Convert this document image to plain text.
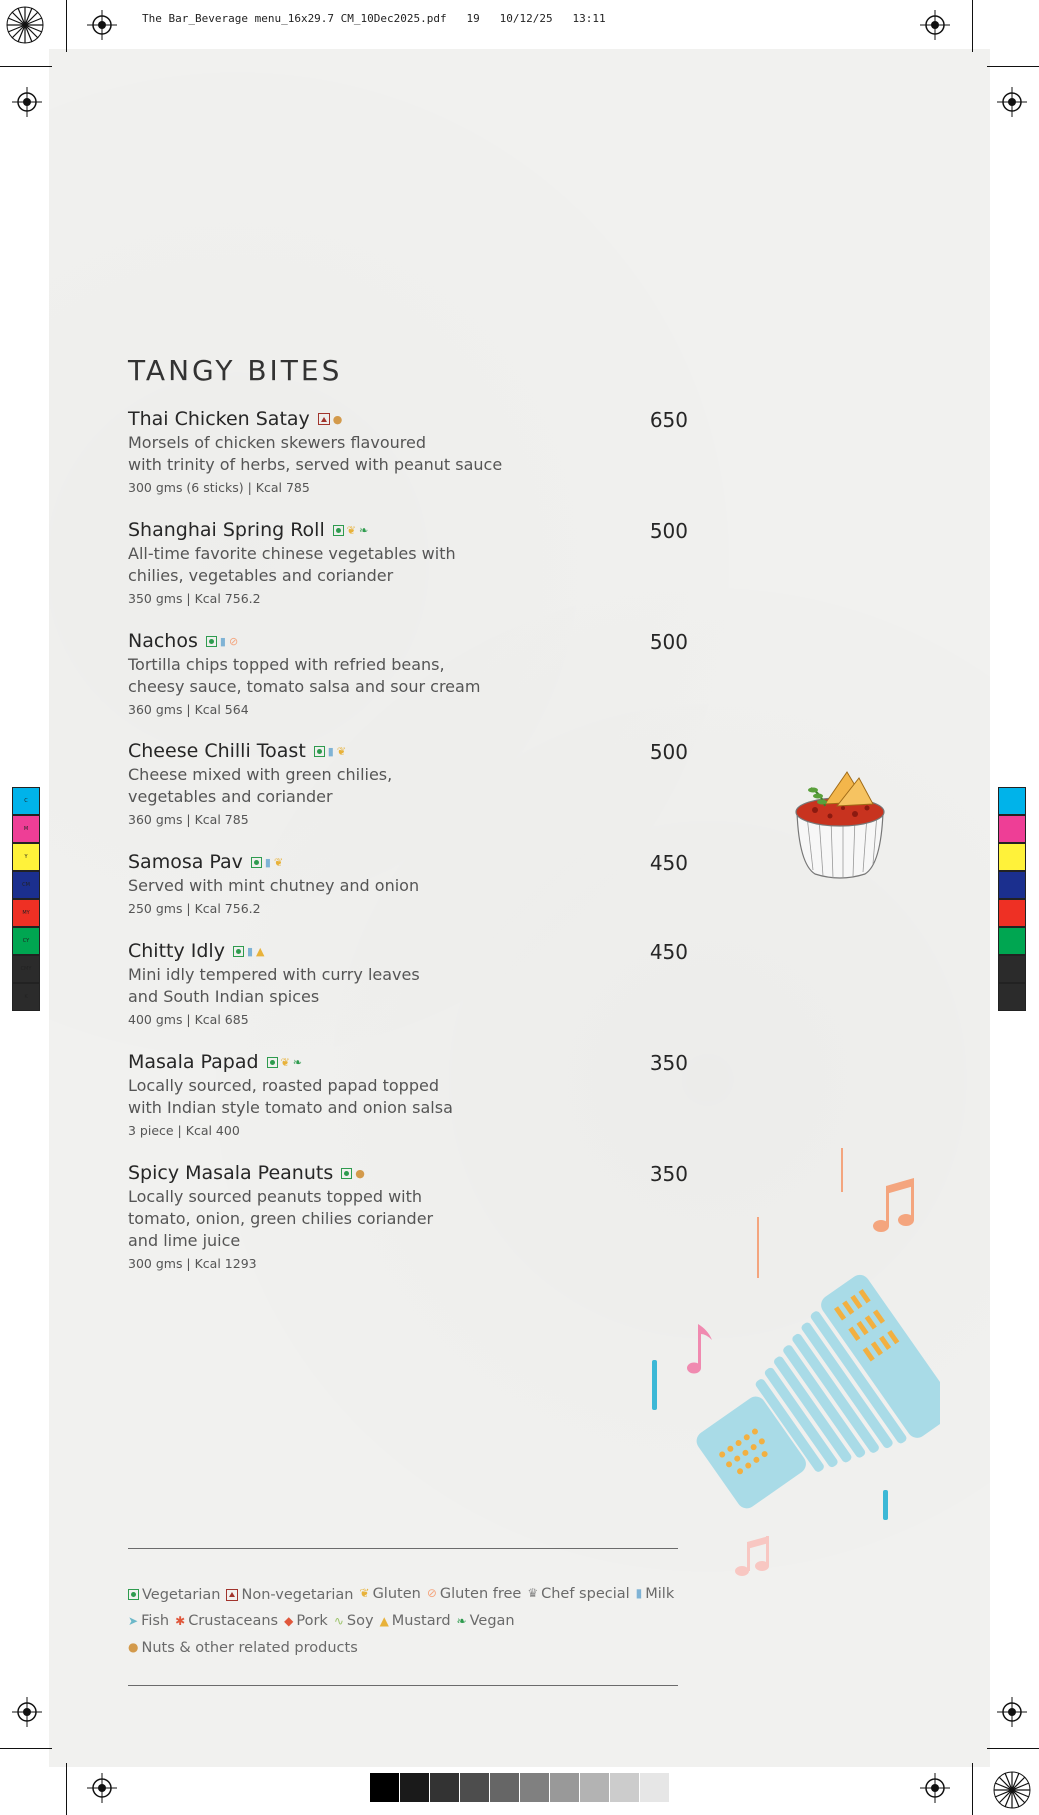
The Bar_Beverage menu_16x29.7 CM_10Dec2025.pdf 19 10/12/25 13:11
C
M
Y
CM
MY
CY
CMY
K
TANGY BITES
Thai Chicken Satay ●	650
Morsels of chicken skewers flavoured
with trinity of herbs, served with peanut sauce
300 gms (6 sticks) | Kcal 785
Shanghai Spring Roll ❦ ❧	500
All-time favorite chinese vegetables with
chilies, vegetables and coriander
350 gms | Kcal 756.2
Nachos ▮ ⊘	500
Tortilla chips topped with refried beans,
cheesy sauce, tomato salsa and sour cream
360 gms | Kcal 564
Cheese Chilli Toast ▮ ❦	500
Cheese mixed with green chilies,
vegetables and coriander
360 gms | Kcal 785
Samosa Pav ▮ ❦	450
Served with mint chutney and onion
250 gms | Kcal 756.2
Chitty Idly ▮ ▲	450
Mini idly tempered with curry leaves
and South Indian spices
400 gms | Kcal 685
Masala Papad ❦ ❧	350
Locally sourced, roasted papad topped
with Indian style tomato and onion salsa
3 piece | Kcal 400
Spicy Masala Peanuts ●	350
Locally sourced peanuts topped with
tomato, onion, green chilies coriander
and lime juice
300 gms | Kcal 1293
Vegetarian Non-vegetarian ❦ Gluten ⊘ Gluten free ♛ Chef special ▮ Milk
➤ Fish ✱ Crustaceans ◆ Pork ∿ Soy ▲ Mustard ❧ Vegan
● Nuts & other related products
